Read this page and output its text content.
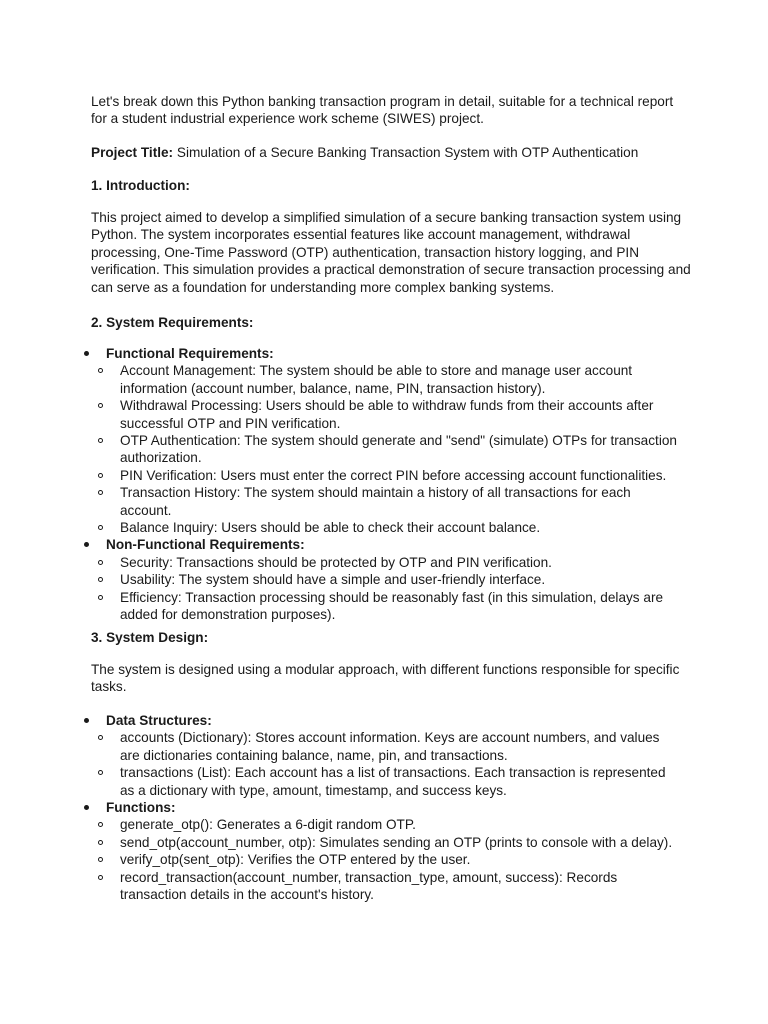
Let's break down this Python banking transaction program in detail, suitable for a technical report for a student industrial experience work scheme (SIWES) project.

Project Title: Simulation of a Secure Banking Transaction System with OTP Authentication

1. Introduction:

This project aimed to develop a simplified simulation of a secure banking transaction system using Python. The system incorporates essential features like account management, withdrawal processing, One-Time Password (OTP) authentication, transaction history logging, and PIN verification. This simulation provides a practical demonstration of secure transaction processing and can serve as a foundation for understanding more complex banking systems.

2. System Requirements:

Functional Requirements:
Account Management: The system should be able to store and manage user account information (account number, balance, name, PIN, transaction history).
Withdrawal Processing: Users should be able to withdraw funds from their accounts after successful OTP and PIN verification.
OTP Authentication: The system should generate and "send" (simulate) OTPs for transaction authorization.
PIN Verification: Users must enter the correct PIN before accessing account functionalities.
Transaction History: The system should maintain a history of all transactions for each account.
Balance Inquiry: Users should be able to check their account balance.
Non-Functional Requirements:
Security: Transactions should be protected by OTP and PIN verification.
Usability: The system should have a simple and user-friendly interface.
Efficiency: Transaction processing should be reasonably fast (in this simulation, delays are added for demonstration purposes).

3. System Design:

The system is designed using a modular approach, with different functions responsible for specific tasks.

Data Structures:
accounts (Dictionary): Stores account information. Keys are account numbers, and values are dictionaries containing balance, name, pin, and transactions.
transactions (List): Each account has a list of transactions. Each transaction is represented as a dictionary with type, amount, timestamp, and success keys.
Functions:
generate_otp(): Generates a 6-digit random OTP.
send_otp(account_number, otp): Simulates sending an OTP (prints to console with a delay).
verify_otp(sent_otp): Verifies the OTP entered by the user.
record_transaction(account_number, transaction_type, amount, success): Records transaction details in the account's history.
